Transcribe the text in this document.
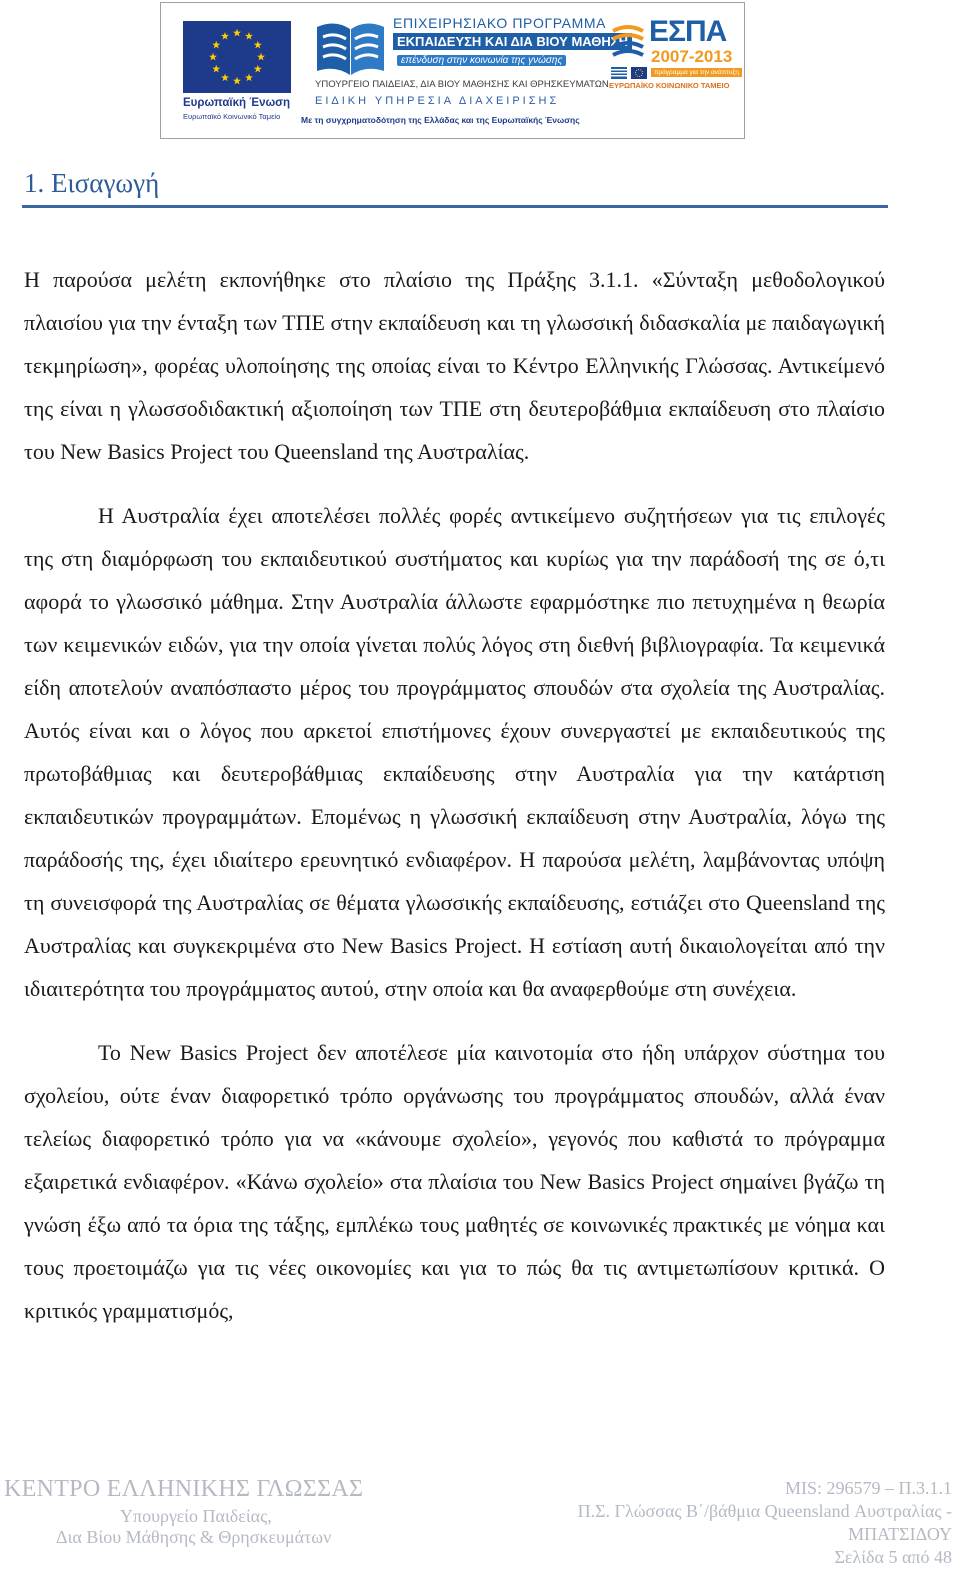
Ευρωπαϊκή Ένωση
Ευρωπαϊκό Κοινωνικό Ταμείο
ΕΠΙΧΕΙΡΗΣΙΑΚΟ ΠΡΟΓΡΑΜΜΑ
ΕΚΠΑΙΔΕΥΣΗ ΚΑΙ ΔΙΑ ΒΙΟΥ ΜΑΘΗΣΗ
επένδυση στην κοινωνία της γνώσης
ΥΠΟΥΡΓΕΙΟ ΠΑΙΔΕΙΑΣ, ΔΙΑ ΒΙΟΥ ΜΑΘΗΣΗΣ ΚΑΙ ΘΡΗΣΚΕΥΜΑΤΩΝ
ΕΙΔΙΚΗ ΥΠΗΡΕΣΙΑ ΔΙΑΧΕΙΡΙΣΗΣ
Με τη συγχρηματοδότηση της Ελλάδας και της Ευρωπαϊκής Ένωσης
ΕΣΠΑ
2007-2013
πρόγραμμα για την ανάπτυξη
ΕΥΡΩΠΑΪΚΟ ΚΟΙΝΩΝΙΚΟ ΤΑΜΕΙΟ
1. Εισαγωγή

Η παρούσα μελέτη εκπονήθηκε στο πλαίσιο της Πράξης 3.1.1. «Σύνταξη μεθοδολογικού πλαισίου για την ένταξη των ΤΠΕ στην εκπαίδευση και τη γλωσσική διδασκαλία με παιδαγωγική τεκμηρίωση», φορέας υλοποίησης της οποίας είναι το Κέντρο Ελληνικής Γλώσσας. Αντικείμενό της είναι η γλωσσοδιδακτική αξιοποίηση των ΤΠΕ στη δευτεροβάθμια εκπαίδευση στο πλαίσιο του New Basics Project του Queensland της Αυστραλίας.

Η Αυστραλία έχει αποτελέσει πολλές φορές αντικείμενο συζητήσεων για τις επιλογές της στη διαμόρφωση του εκπαιδευτικού συστήματος και κυρίως για την παράδοσή της σε ό,τι αφορά το γλωσσικό μάθημα. Στην Αυστραλία άλλωστε εφαρμόστηκε πιο πετυχημένα η θεωρία των κειμενικών ειδών, για την οποία γίνεται πολύς λόγος στη διεθνή βιβλιογραφία. Τα κειμενικά είδη αποτελούν αναπόσπαστο μέρος του προγράμματος σπουδών στα σχολεία της Αυστραλίας. Αυτός είναι και ο λόγος που αρκετοί επιστήμονες έχουν συνεργαστεί με εκπαιδευτικούς της πρωτοβάθμιας και δευτεροβάθμιας εκπαίδευσης στην Αυστραλία για την κατάρτιση εκπαιδευτικών προγραμμάτων. Επομένως η γλωσσική εκπαίδευση στην Αυστραλία, λόγω της παράδοσής της, έχει ιδιαίτερο ερευνητικό ενδιαφέρον. Η παρούσα μελέτη, λαμβάνοντας υπόψη τη συνεισφορά της Αυστραλίας σε θέματα γλωσσικής εκπαίδευσης, εστιάζει στο Queensland της Αυστραλίας και συγκεκριμένα στο New Basics Project. Η εστίαση αυτή δικαιολογείται από την ιδιαιτερότητα του προγράμματος αυτού, στην οποία και θα αναφερθούμε στη συνέχεια.

Το New Basics Project δεν αποτέλεσε μία καινοτομία στο ήδη υπάρχον σύστημα του σχολείου, ούτε έναν διαφορετικό τρόπο οργάνωσης του προγράμματος σπουδών, αλλά έναν τελείως διαφορετικό τρόπο για να «κάνουμε σχολείο», γεγονός που καθιστά το πρόγραμμα εξαιρετικά ενδιαφέρον. «Κάνω σχολείο» στα πλαίσια του New Basics Project σημαίνει βγάζω τη γνώση έξω από τα όρια της τάξης, εμπλέκω τους μαθητές σε κοινωνικές πρακτικές με νόημα και τους προετοιμάζω για τις νέες οικονομίες και για το πώς θα τις αντιμετωπίσουν κριτικά. Ο κριτικός γραμματισμός,

ΚΕΝΤΡΟ ΕΛΛΗΝΙΚΗΣ ΓΛΩΣΣΑΣ
Υπουργείο Παιδείας,
Δια Βίου Μάθησης & Θρησκευμάτων
MIS: 296579 – Π.3.1.1
Π.Σ. Γλώσσας Β΄/βάθμια Queensland Αυστραλίας -
ΜΠΑΤΣΙΔΟΥ
Σελίδα 5 από 48
